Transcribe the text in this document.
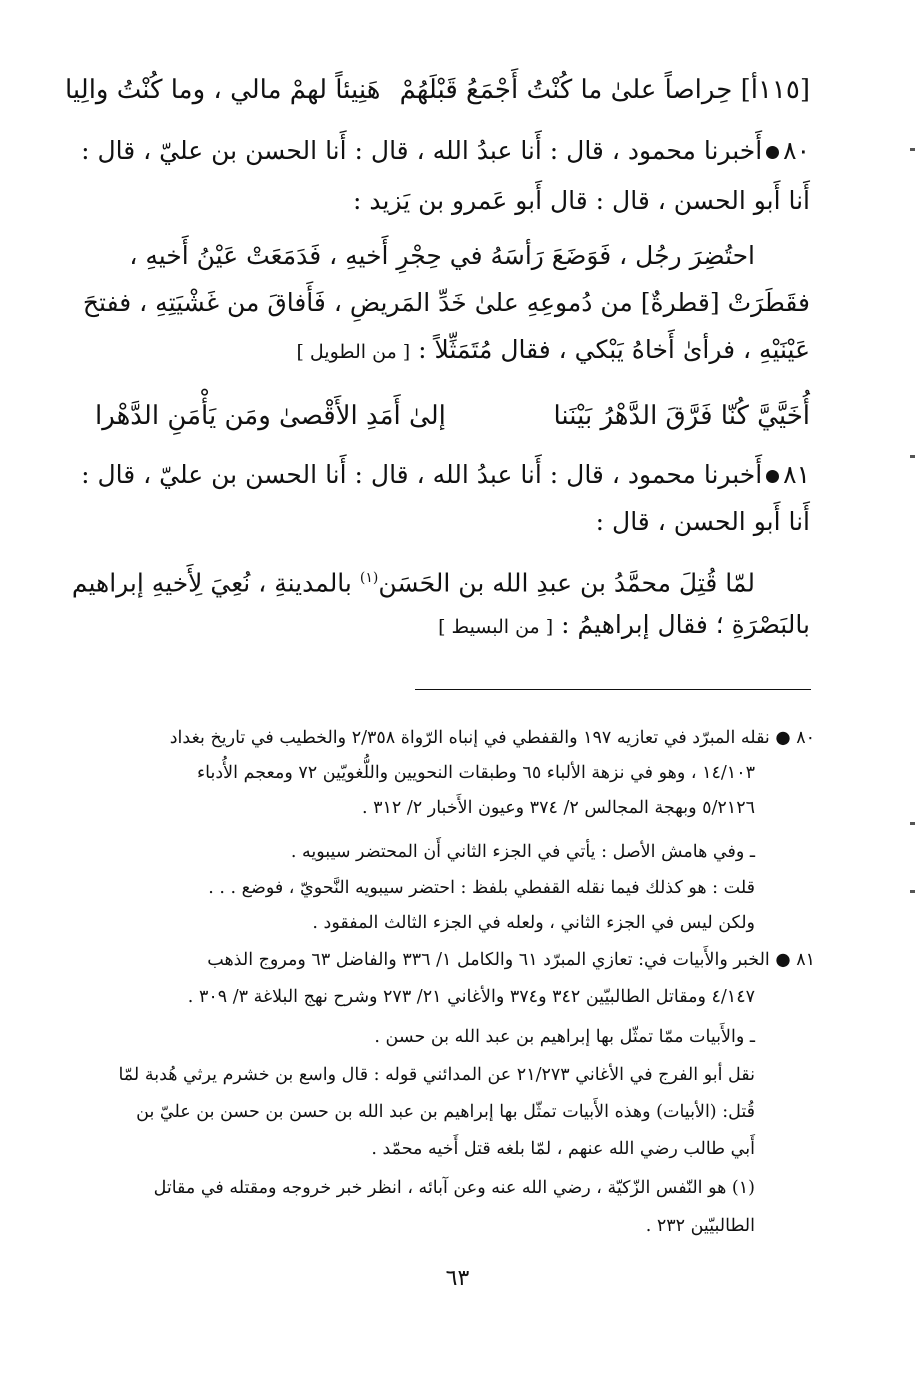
[١١٥أ] حِراصاً علىٰ ما كُنْتُ أَجْمَعُ قَبْلَهُمْ
هَنِيئاً لهمْ مالي ، وما كُنْتُ والِيا
٨٠أَخبرنا محمود ، قال : أَنا عبدُ الله ، قال : أَنا الحسن بن عليّ ، قال :
أَنا أَبو الحسن ، قال : قال أَبو عَمرو بن يَزيد :
احتُضِرَ رجُل ، فَوَضَعَ رَأسَهُ في حِجْرِ أَخيهِ ، فَدَمَعَتْ عَيْنُ أَخيهِ ،
فقَطَرَتْ [قطرةٌ] من دُموعِهِ علىٰ خَدِّ المَريضِ ، فَأَفاقَ من غَشْيَتِهِ ، ففتحَ
عَيْنَيْهِ ، فرأىٰ أَخاهُ يَبْكي ، فقال مُتَمَثِّلاً : [ من الطويل ]
أُخَيَّيَّ كُنّا فَرَّقَ الدَّهْرُ بَيْنَنا
إلىٰ أَمَدِ الأَقْصىٰ ومَن يَأْمَنِ الدَّهْرا
٨١أَخبرنا محمود ، قال : أَنا عبدُ الله ، قال : أَنا الحسن بن عليّ ، قال :
أَنا أَبو الحسن ، قال :
لمّا قُتِلَ محمَّدُ بن عبدِ الله بن الحَسَن$^{(١)}$ بالمدينةِ ، نُعِيَ لِأَخيهِ إبراهيم
بالبَصْرَةِ ؛ فقال إبراهيمُ : [ من البسيط ]
٨٠ ● نقله المبرّد في تعازيه ١٩٧ والقفطي في إنباه الرّواة ٢/٣٥٨ والخطيب في تاريخ بغداد
١٤/١٠٣ ، وهو في نزهة الألباء ٦٥ وطبقات النحويين واللُّغويّين ٧٢ ومعجم الأُدباء
٥/٢١٢٦ وبهجة المجالس ٢/ ٣٧٤ وعيون الأَخبار ٢/ ٣١٢ .
ـ وفي هامش الأصل : يأتي في الجزء الثاني أَن المحتضر سيبويه .
قلت : هو كذلك فيما نقله القفطي بلفظ : احتضر سيبويه النَّحويّ ، فوضع . . .
ولكن ليس في الجزء الثاني ، ولعله في الجزء الثالث المفقود .
٨١ ● الخبر والأَبيات في: تعازي المبرّد ٦١ والكامل ١/ ٣٣٦ والفاضل ٦٣ ومروج الذهب
٤/١٤٧ ومقاتل الطالبيّين ٣٤٢ و٣٧٤ والأغاني ٢١/ ٢٧٣ وشرح نهج البلاغة ٣/ ٣٠٩ .
ـ والأَبيات ممّا تمثّل بها إبراهيم بن عبد الله بن حسن .
نقل أبو الفرج في الأغاني ٢١/٢٧٣ عن المدائني قوله : قال واسع بن خشرم يرثي هُدبة لمّا
قُتل: (الأبيات) وهذه الأَبيات تمثّل بها إبراهيم بن عبد الله بن حسن بن حسن بن عليّ بن
أَبي طالب رضي الله عنهم ، لمّا بلغه قتل أَخيه محمّد .
(١) هو النّفس الزّكيّة ، رضي الله عنه وعن آبائه ، انظر خبر خروجه ومقتله في مقاتل
الطالبيّين ٢٣٢ .
٦٣
